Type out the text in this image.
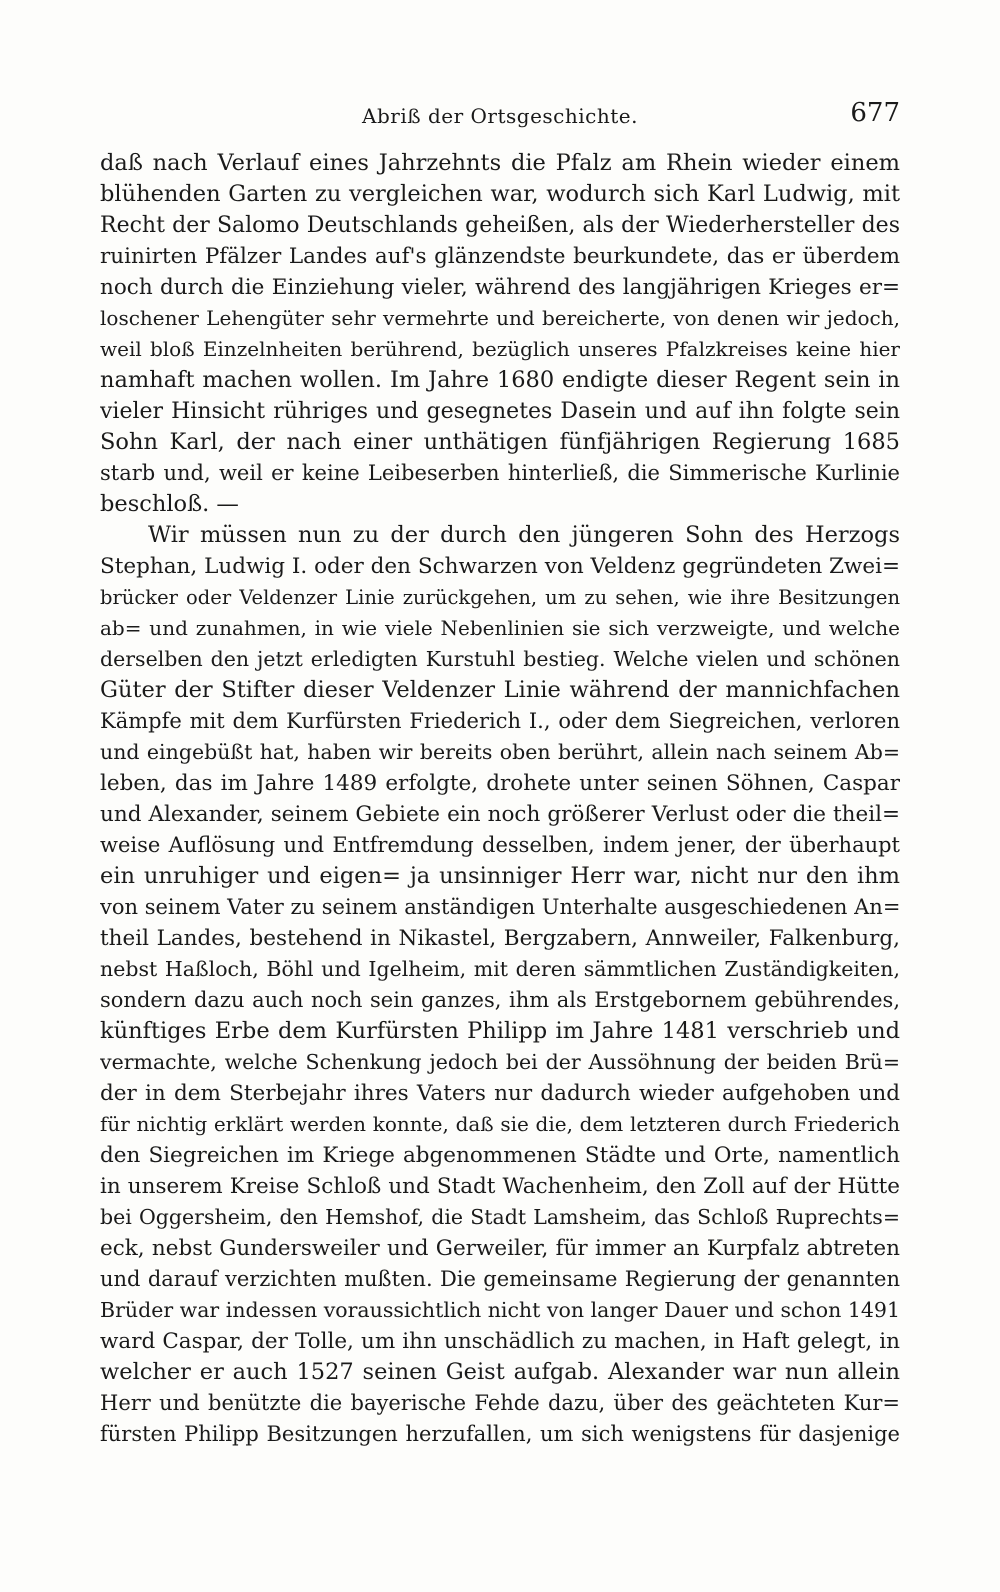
Abriß der Ortsgeschichte.	677
daß nach Verlauf eines Jahrzehnts die Pfalz am Rhein wieder einem
blühenden Garten zu vergleichen war, wodurch sich Karl Ludwig, mit
Recht der Salomo Deutschlands geheißen, als der Wiederhersteller des
ruinirten Pfälzer Landes auf's glänzendste beurkundete, das er überdem
noch durch die Einziehung vieler, während des langjährigen Krieges er=
loschener Lehengüter sehr vermehrte und bereicherte, von denen wir jedoch,
weil bloß Einzelnheiten berührend, bezüglich unseres Pfalzkreises keine hier
namhaft machen wollen. Im Jahre 1680 endigte dieser Regent sein in
vieler Hinsicht rühriges und gesegnetes Dasein und auf ihn folgte sein
Sohn Karl, der nach einer unthätigen fünfjährigen Regierung 1685
starb und, weil er keine Leibeserben hinterließ, die Simmerische Kurlinie
beschloß. —
Wir müssen nun zu der durch den jüngeren Sohn des Herzogs
Stephan, Ludwig I. oder den Schwarzen von Veldenz gegründeten Zwei=
brücker oder Veldenzer Linie zurückgehen, um zu sehen, wie ihre Besitzungen
ab= und zunahmen, in wie viele Nebenlinien sie sich verzweigte, und welche
derselben den jetzt erledigten Kurstuhl bestieg. Welche vielen und schönen
Güter der Stifter dieser Veldenzer Linie während der mannichfachen
Kämpfe mit dem Kurfürsten Friederich I., oder dem Siegreichen, verloren
und eingebüßt hat, haben wir bereits oben berührt, allein nach seinem Ab=
leben, das im Jahre 1489 erfolgte, drohete unter seinen Söhnen, Caspar
und Alexander, seinem Gebiete ein noch größerer Verlust oder die theil=
weise Auflösung und Entfremdung desselben, indem jener, der überhaupt
ein unruhiger und eigen= ja unsinniger Herr war, nicht nur den ihm
von seinem Vater zu seinem anständigen Unterhalte ausgeschiedenen An=
theil Landes, bestehend in Nikastel, Bergzabern, Annweiler, Falkenburg,
nebst Haßloch, Böhl und Igelheim, mit deren sämmtlichen Zuständigkeiten,
sondern dazu auch noch sein ganzes, ihm als Erstgebornem gebührendes,
künftiges Erbe dem Kurfürsten Philipp im Jahre 1481 verschrieb und
vermachte, welche Schenkung jedoch bei der Aussöhnung der beiden Brü=
der in dem Sterbejahr ihres Vaters nur dadurch wieder aufgehoben und
für nichtig erklärt werden konnte, daß sie die, dem letzteren durch Friederich
den Siegreichen im Kriege abgenommenen Städte und Orte, namentlich
in unserem Kreise Schloß und Stadt Wachenheim, den Zoll auf der Hütte
bei Oggersheim, den Hemshof, die Stadt Lamsheim, das Schloß Ruprechts=
eck, nebst Gundersweiler und Gerweiler, für immer an Kurpfalz abtreten
und darauf verzichten mußten. Die gemeinsame Regierung der genannten
Brüder war indessen voraussichtlich nicht von langer Dauer und schon 1491
ward Caspar, der Tolle, um ihn unschädlich zu machen, in Haft gelegt, in
welcher er auch 1527 seinen Geist aufgab. Alexander war nun allein
Herr und benützte die bayerische Fehde dazu, über des geächteten Kur=
fürsten Philipp Besitzungen herzufallen, um sich wenigstens für dasjenige
